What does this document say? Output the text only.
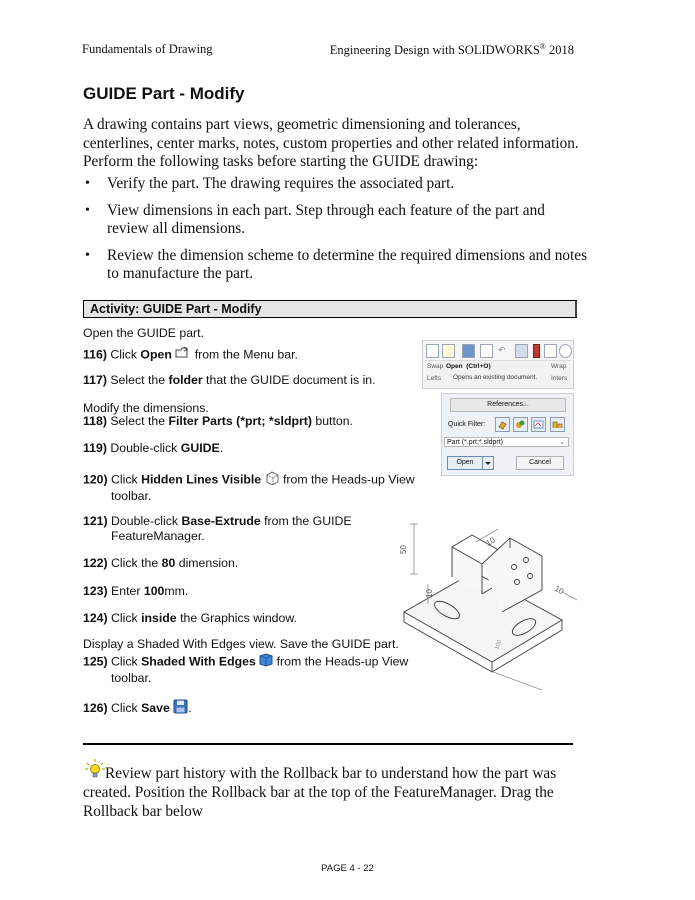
Fundamentals of Drawing	Engineering Design with SOLIDWORKS® 2018
GUIDE Part - Modify
A drawing contains part views, geometric dimensioning and tolerances, centerlines, center marks, notes, custom properties and other related information. Perform the following tasks before starting the GUIDE drawing:
• Verify the part. The drawing requires the associated part.
• View dimensions in each part. Step through each feature of the part and review all dimensions.
• Review the dimension scheme to determine the required dimensions and notes to manufacture the part.
Activity: GUIDE Part - Modify
Open the GUIDE part.
116) Click Open  from the Menu bar.
117) Select the folder that the GUIDE document is in.
Modify the dimensions.
118) Select the Filter Parts (*prt; *sldprt) button.
119) Double-click GUIDE.
120) Click Hidden Lines Visible  from the Heads-up View
toolbar.
121) Double-click Base-Extrude from the GUIDE
FeatureManager.
122) Click the 80 dimension.
123) Enter 100mm.
124) Click inside the Graphics window.
Display a Shaded With Edges view. Save the GUIDE part.
125) Click Shaded With Edges  from the Heads-up View
toolbar.
126) Click Save .
↶
Swap
Lefts
Open (Ctrl+O)
Opens an existing document.
Wrap
Inters
References...
Quick Filter:
Part (*.prt;*.sldprt)	⌄
Open	Cancel
50
10
10	10
100
Review part history with the Rollback bar to understand how the part was created. Position the Rollback bar at the top of the FeatureManager. Drag the Rollback bar below
PAGE 4 - 22
